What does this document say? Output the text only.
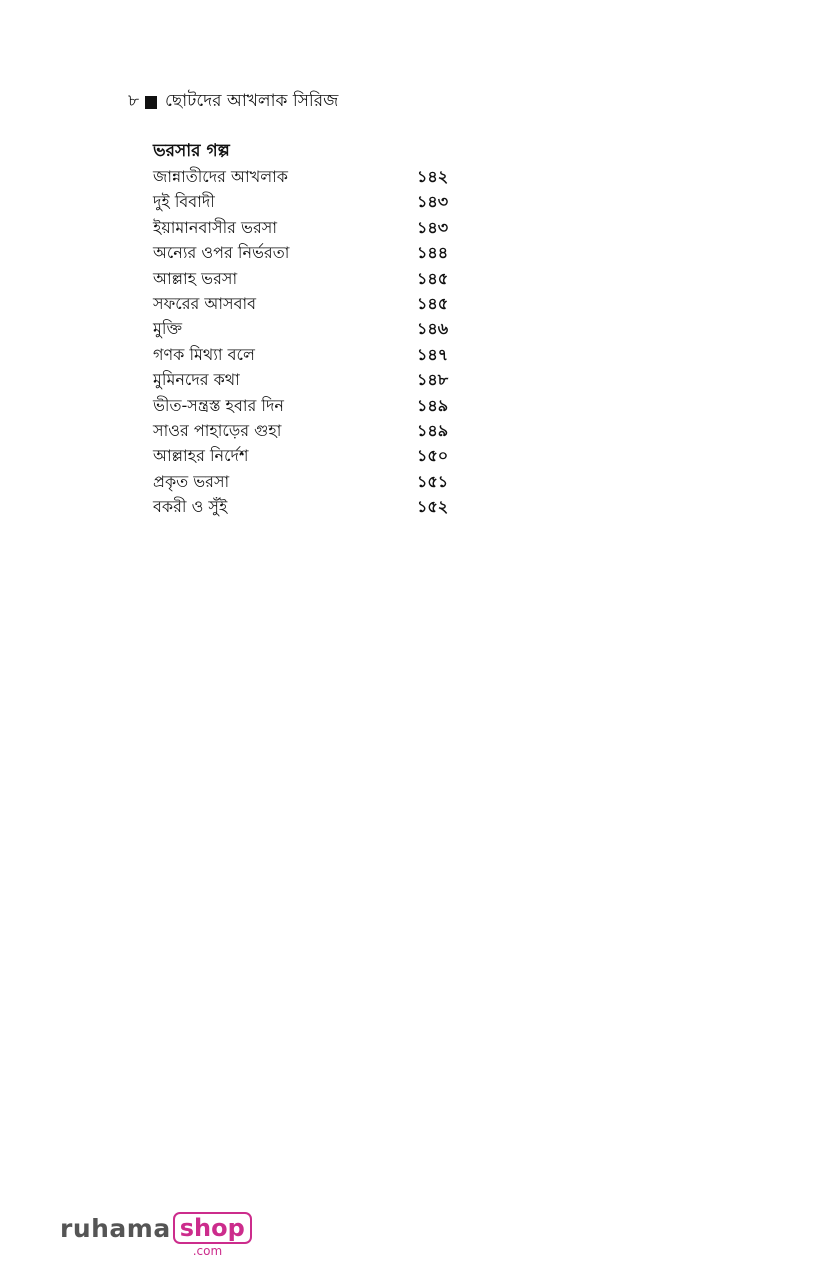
৮ ছোটদের আখলাক সিরিজ
ভরসার গল্প
জান্নাতীদের আখলাক	১৪২
দুই বিবাদী	১৪৩
ইয়ামানবাসীর ভরসা	১৪৩
অন্যের ওপর নির্ভরতা	১৪৪
আল্লাহ ভরসা	১৪৫
সফরের আসবাব	১৪৫
মুক্তি	১৪৬
গণক মিথ্যা বলে	১৪৭
মুমিনদের কথা	১৪৮
ভীত-সন্ত্রস্ত হবার দিন	১৪৯
সাওর পাহাড়ের গুহা	১৪৯
আল্লাহর নির্দেশ	১৫০
প্রকৃত ভরসা	১৫১
বকরী ও সুঁই	১৫২
ruhama shop
.com
